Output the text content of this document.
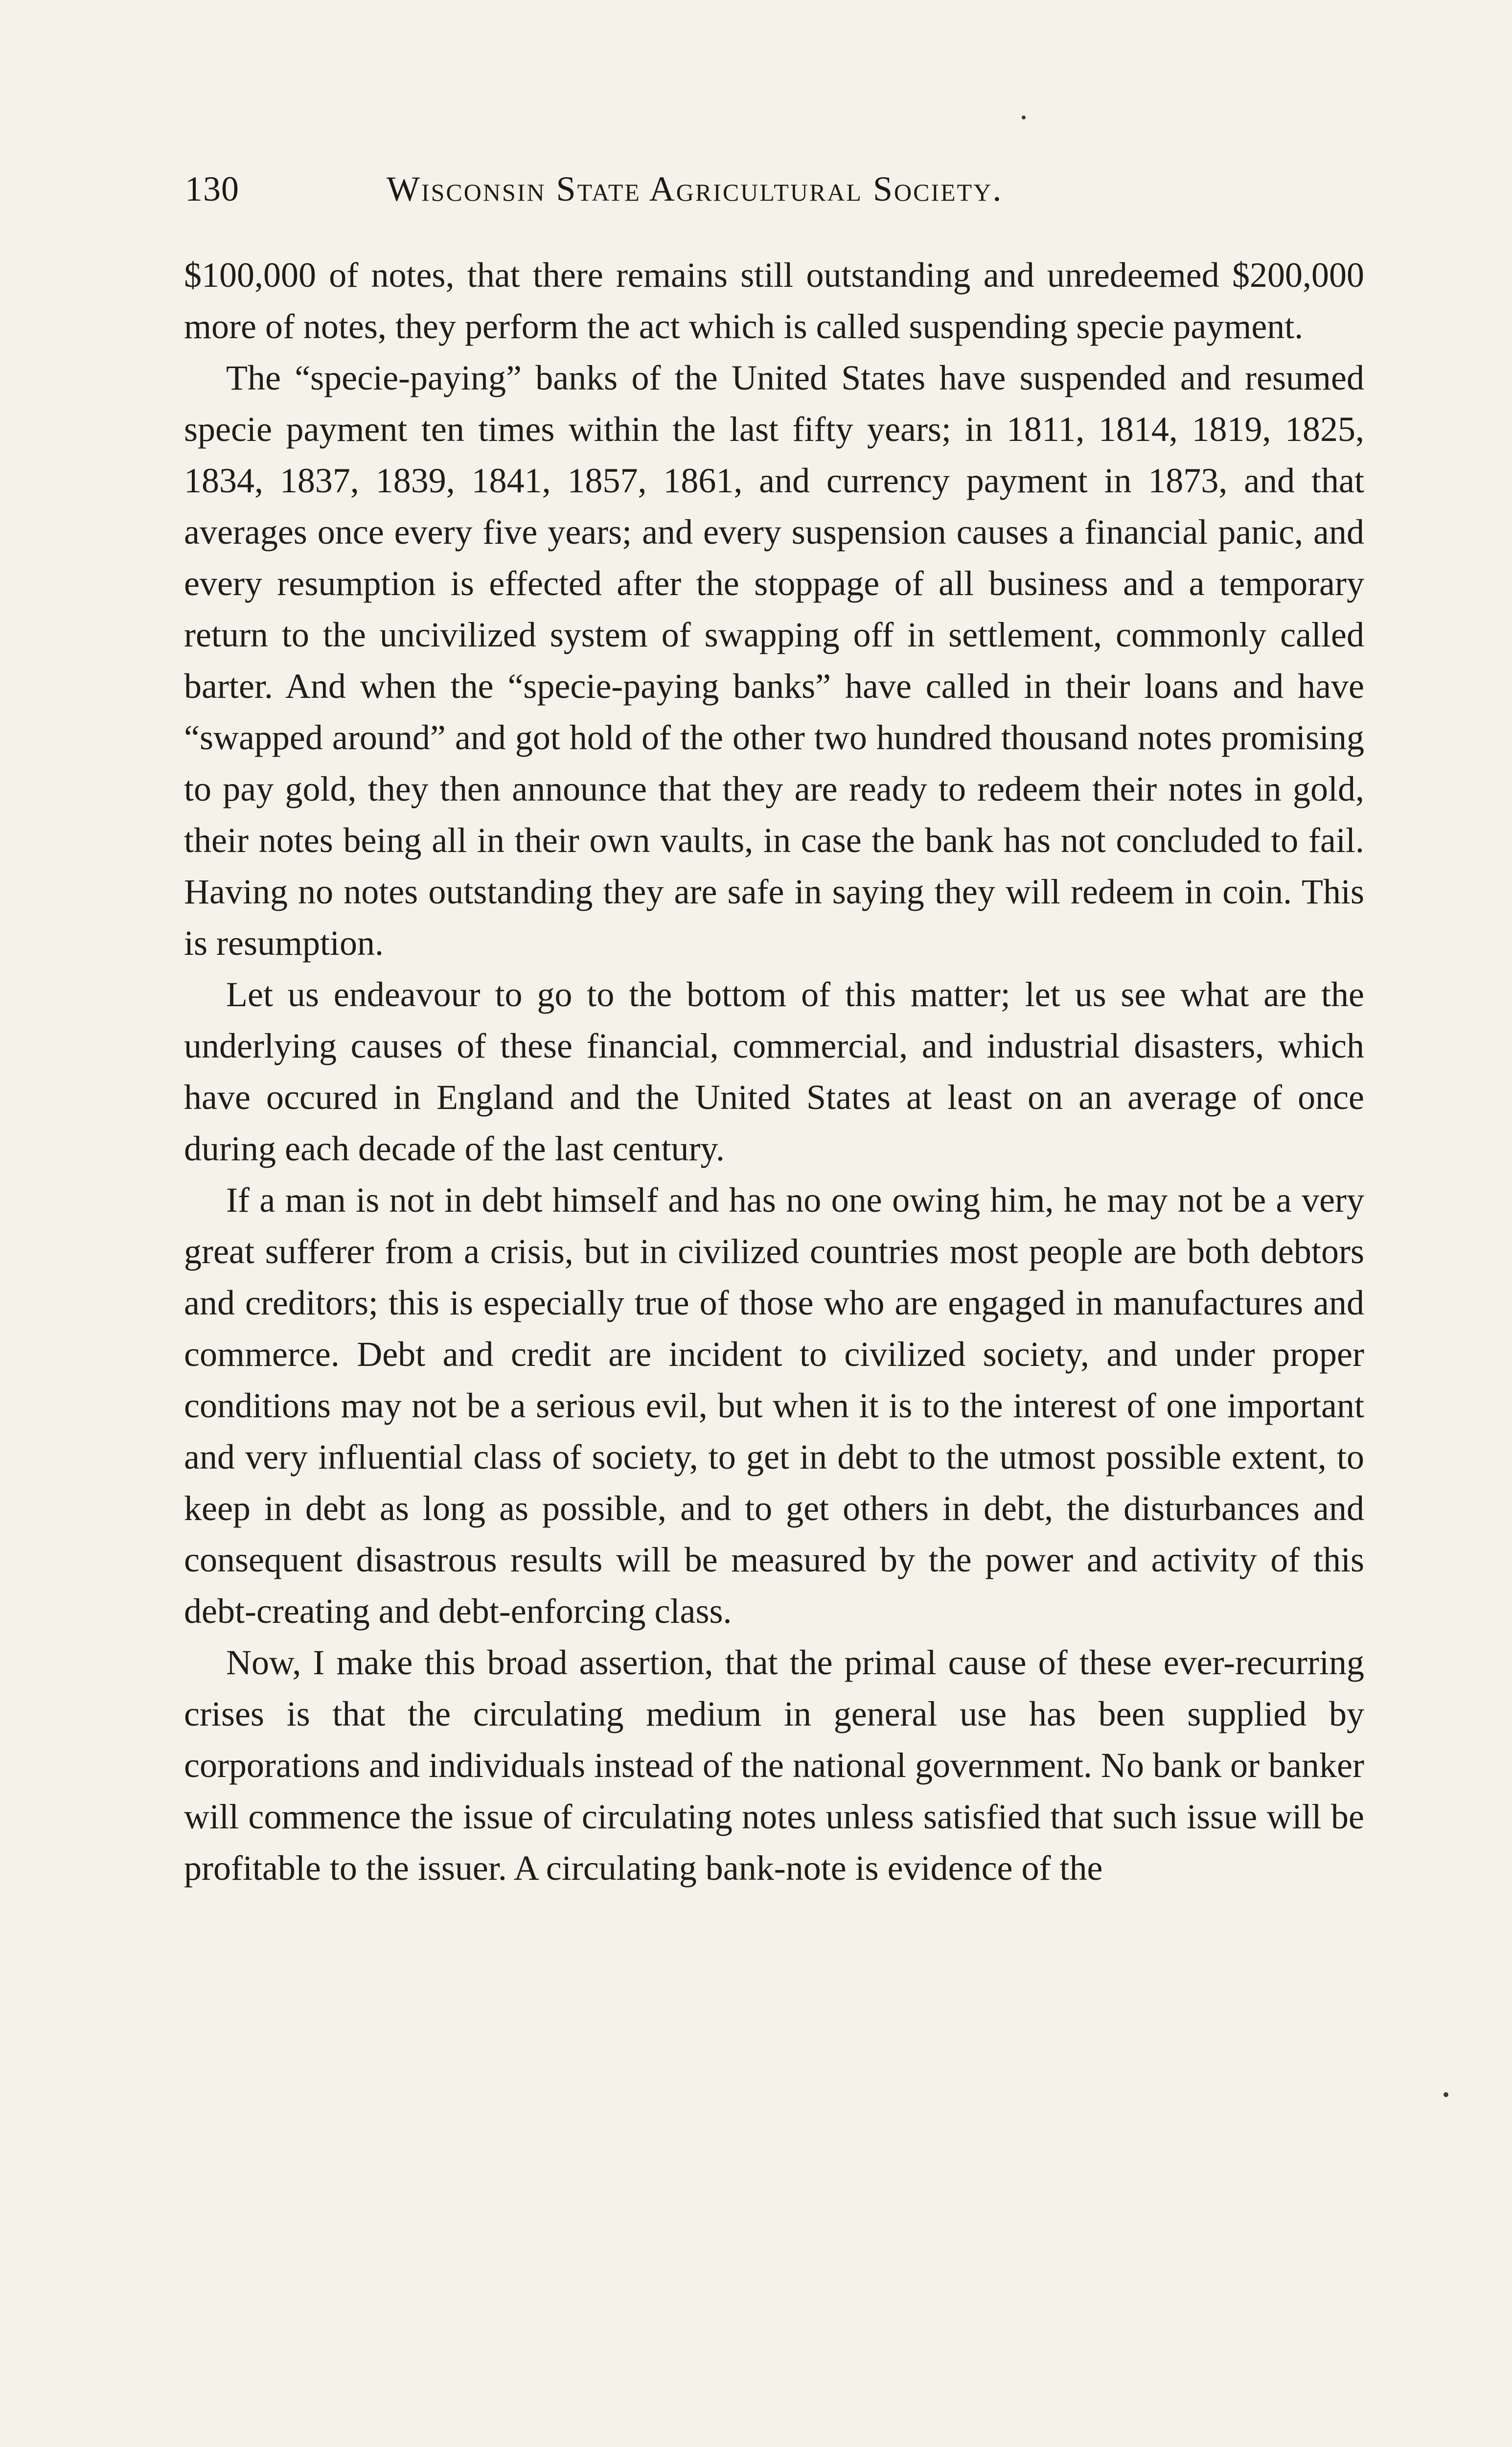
130	Wisconsin State Agricultural Society.

$100,000 of notes, that there remains still outstanding and unredeemed $200,000 more of notes, they perform the act which is called suspending specie payment.

The “specie-paying” banks of the United States have suspended and resumed specie payment ten times within the last fifty years; in 1811, 1814, 1819, 1825, 1834, 1837, 1839, 1841, 1857, 1861, and currency payment in 1873, and that averages once every five years; and every suspension causes a financial panic, and every resumption is effected after the stoppage of all business and a temporary return to the uncivilized system of swapping off in settlement, commonly called barter. And when the “specie-paying banks” have called in their loans and have “swapped around” and got hold of the other two hundred thousand notes promising to pay gold, they then announce that they are ready to redeem their notes in gold, their notes being all in their own vaults, in case the bank has not concluded to fail. Having no notes outstanding they are safe in saying they will redeem in coin. This is resumption.

Let us endeavour to go to the bottom of this matter; let us see what are the underlying causes of these financial, commercial, and industrial disasters, which have occured in England and the United States at least on an average of once during each decade of the last century.

If a man is not in debt himself and has no one owing him, he may not be a very great sufferer from a crisis, but in civilized countries most people are both debtors and creditors; this is especially true of those who are engaged in manufactures and commerce. Debt and credit are incident to civilized society, and under proper conditions may not be a serious evil, but when it is to the interest of one important and very influential class of society, to get in debt to the utmost possible extent, to keep in debt as long as possible, and to get others in debt, the disturbances and consequent disastrous results will be measured by the power and activity of this debt-creating and debt-enforcing class.

Now, I make this broad assertion, that the primal cause of these ever-recurring crises is that the circulating medium in general use has been supplied by corporations and individuals instead of the national government. No bank or banker will commence the issue of circulating notes unless satisfied that such issue will be profitable to the issuer. A circulating bank-note is evidence of the
